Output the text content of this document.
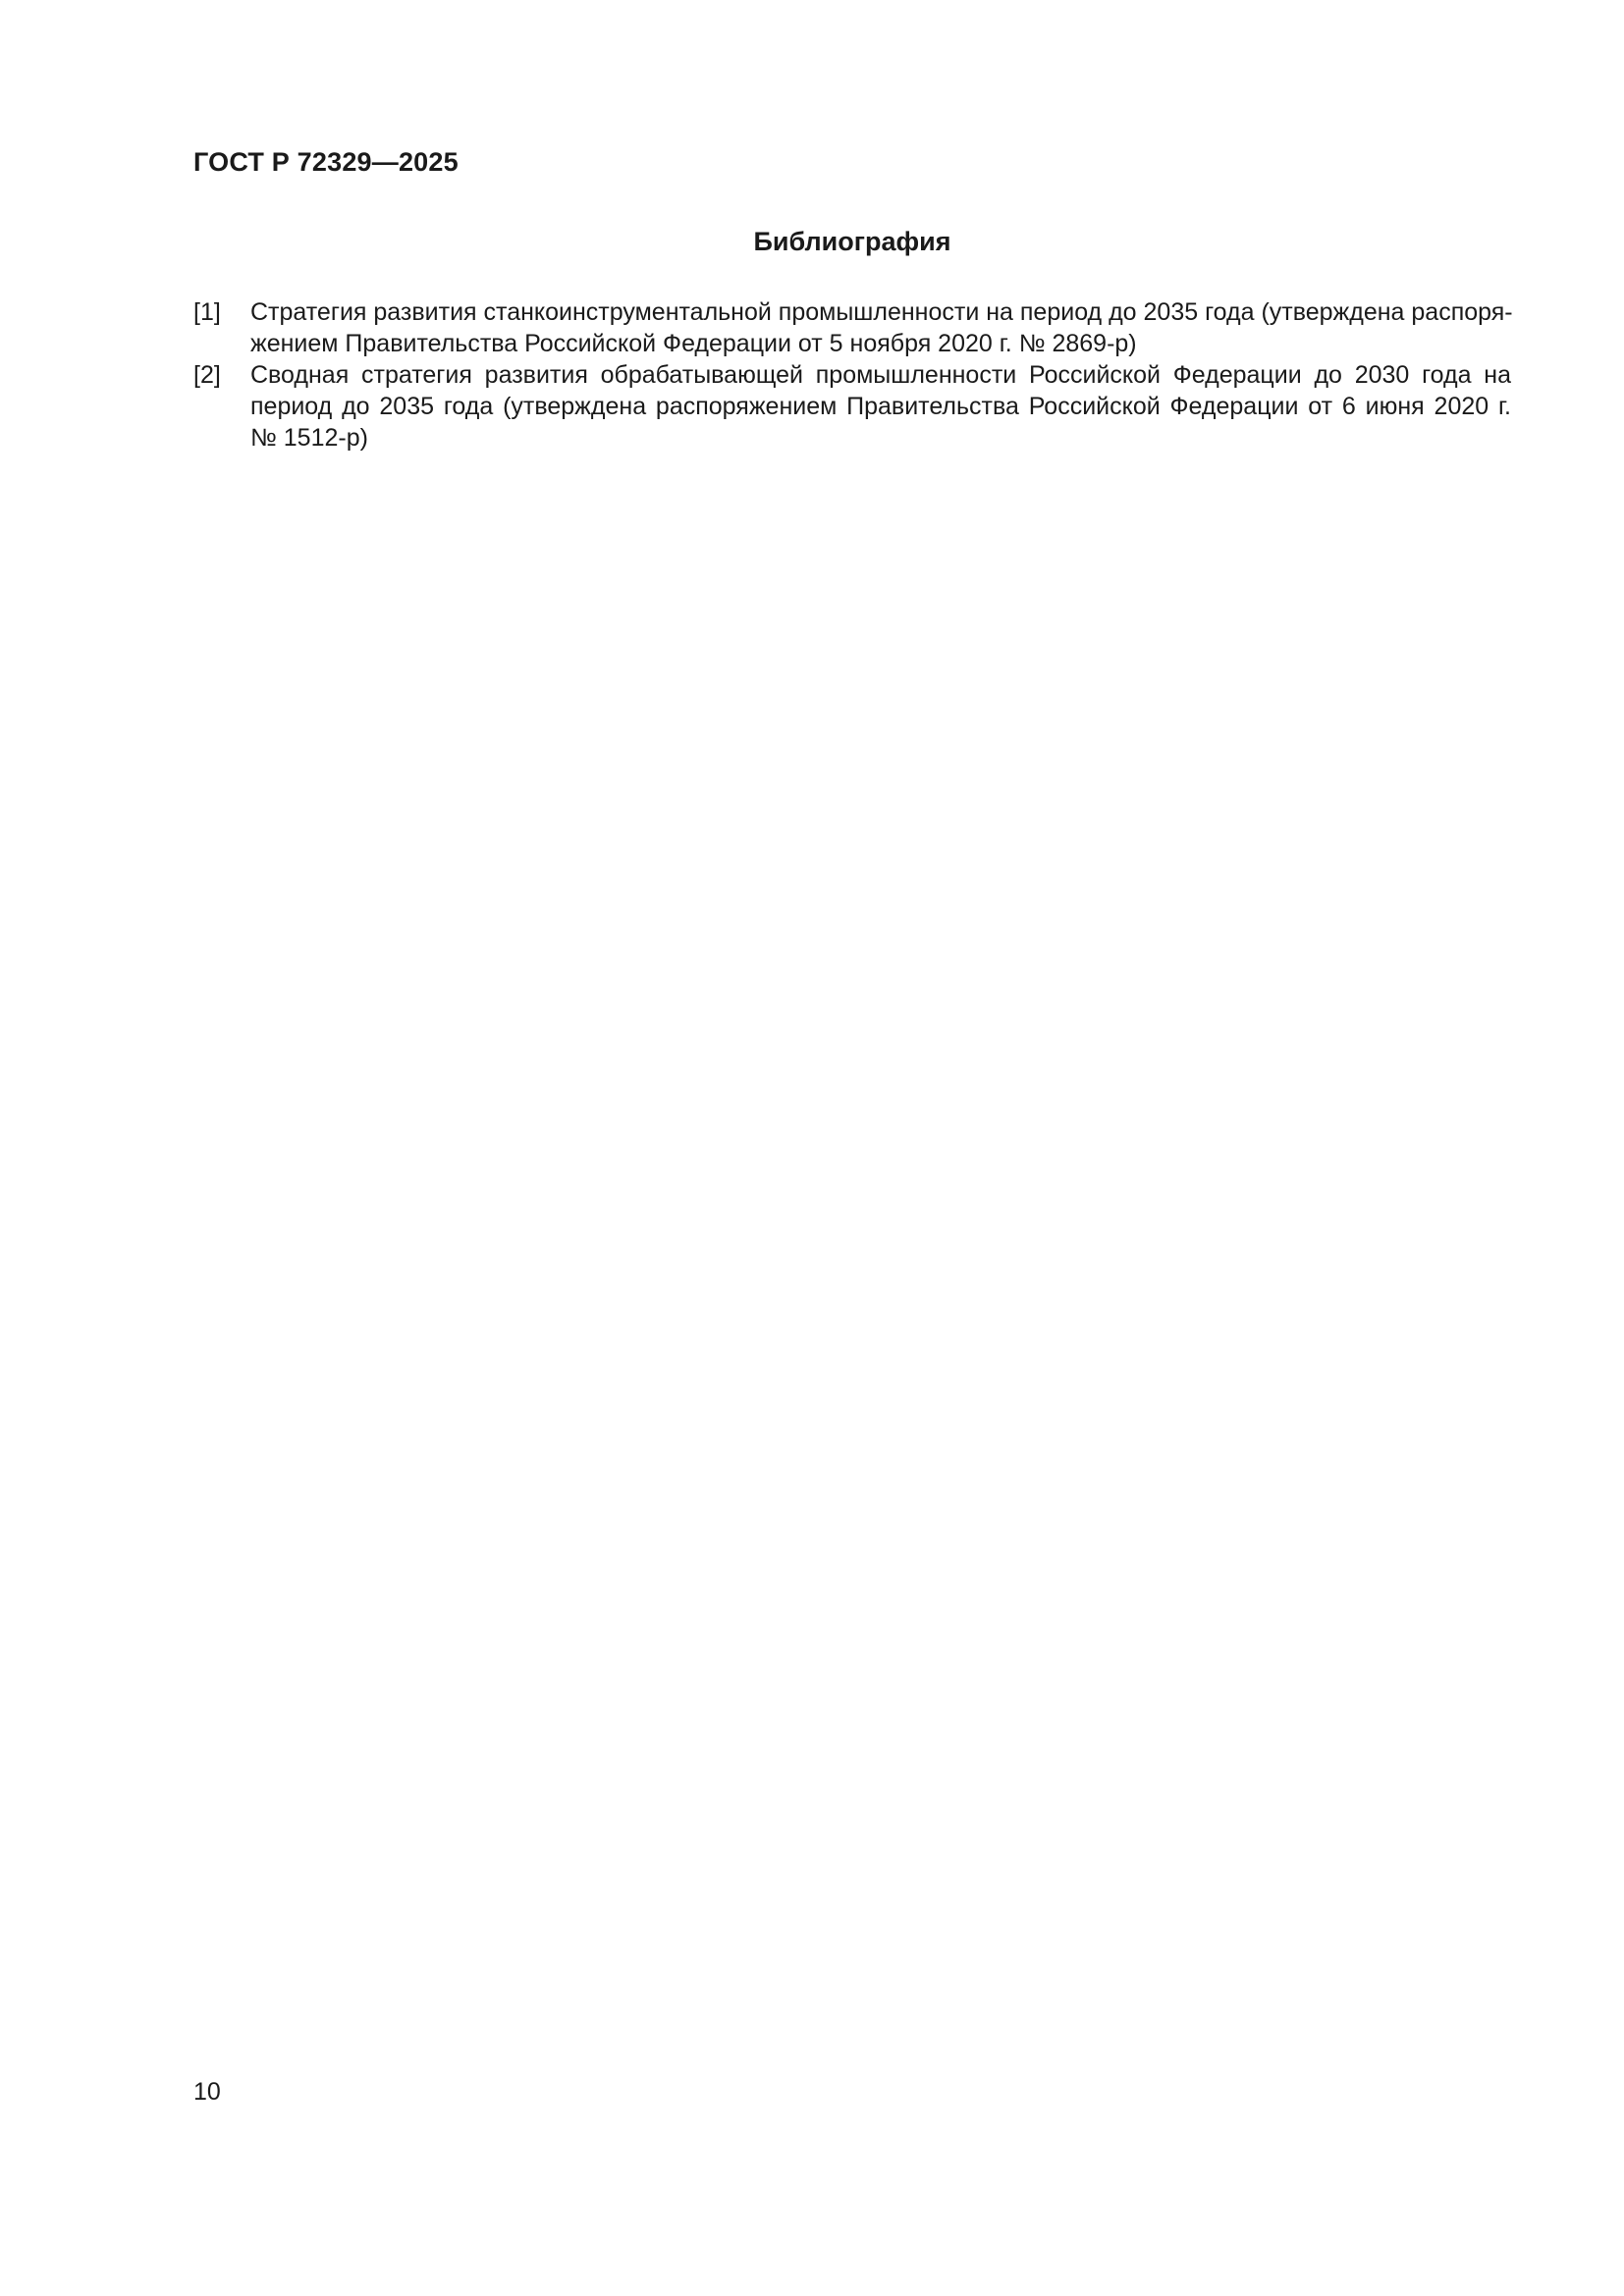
ГОСТ Р 72329—2025
Библиография
[1]	Стратегия развития станкоинструментальной промышленности на период до 2035 года (утверждена распоря-
жением Правительства Российской Федерации от 5 ноября 2020 г. № 2869-р)
[2]	Сводная стратегия развития обрабатывающей промышленности Российской Федерации до 2030 года на
период до 2035 года (утверждена распоряжением Правительства Российской Федерации от 6 июня 2020 г.
№ 1512-р)
10
